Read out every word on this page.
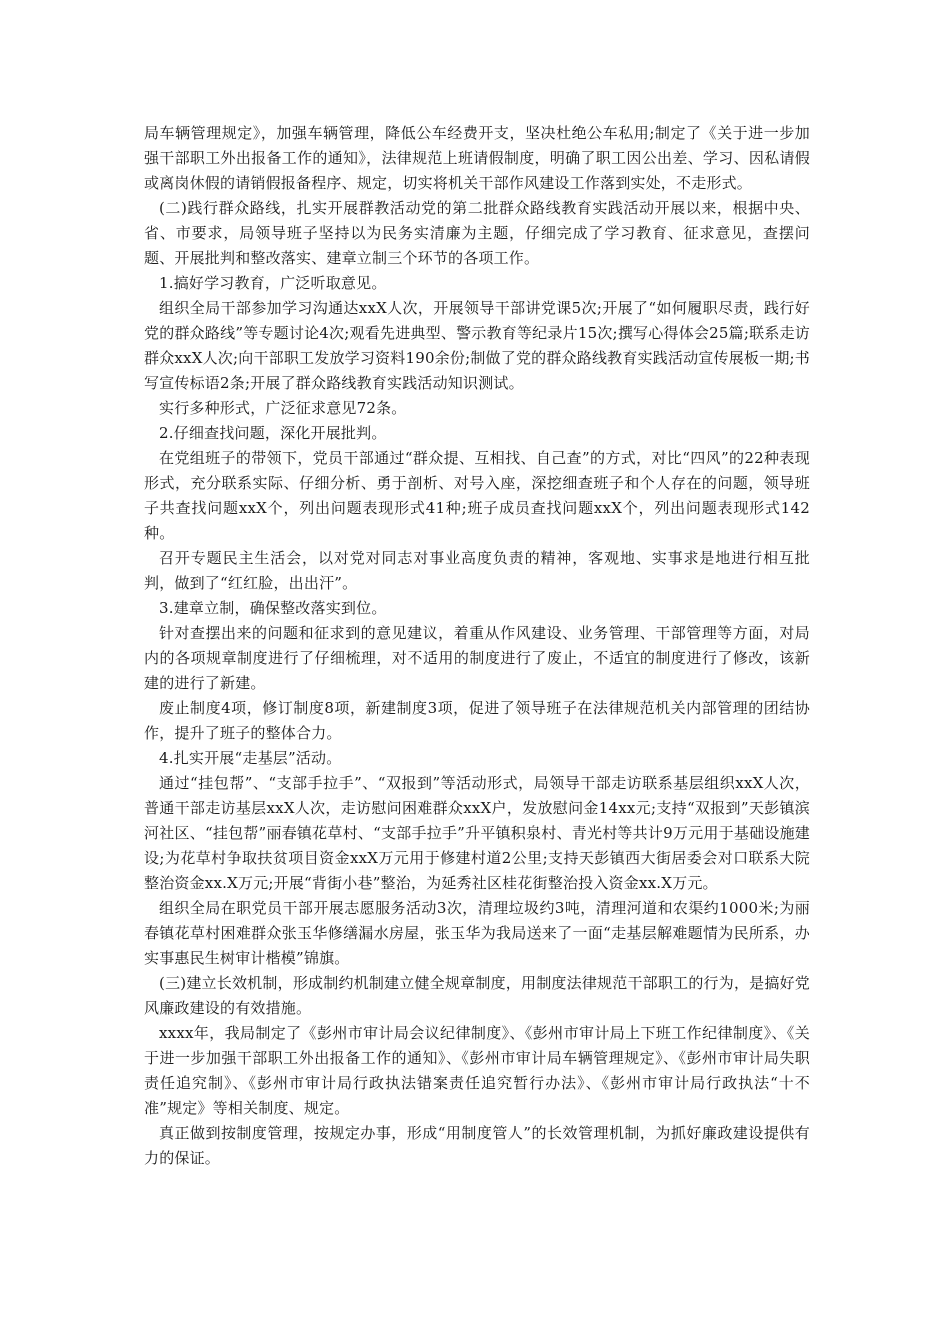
局车辆管理规定》，加强车辆管理，降低公车经费开支，坚决杜绝公车私用;制定了《关于进一步加强干部职工外出报备工作的通知》，法律规范上班请假制度，明确了职工因公出差、学习、因私请假或离岗休假的请销假报备程序、规定，切实将机关干部作风建设工作落到实处，不走形式。

(二)践行群众路线，扎实开展群教活动党的第二批群众路线教育实践活动开展以来，根据中央、省、市要求，局领导班子坚持以为民务实清廉为主题，仔细完成了学习教育、征求意见，查摆问题、开展批判和整改落实、建章立制三个环节的各项工作。

1.搞好学习教育，广泛听取意见。

组织全局干部参加学习沟通达xxX人次，开展领导干部讲党课5次;开展了“如何履职尽责，践行好党的群众路线”等专题讨论4次;观看先进典型、警示教育等纪录片15次;撰写心得体会25篇;联系走访群众xxX人次;向干部职工发放学习资料190余份;制做了党的群众路线教育实践活动宣传展板一期;书写宣传标语2条;开展了群众路线教育实践活动知识测试。

实行多种形式，广泛征求意见72条。

2.仔细查找问题，深化开展批判。

在党组班子的带领下，党员干部通过“群众提、互相找、自己查”的方式，对比“四风”的22种表现形式，充分联系实际、仔细分析、勇于剖析、对号入座，深挖细查班子和个人存在的问题，领导班子共查找问题xxX个，列出问题表现形式41种;班子成员查找问题xxX个，列出问题表现形式142种。

召开专题民主生活会，以对党对同志对事业高度负责的精神，客观地、实事求是地进行相互批判，做到了“红红脸，出出汗”。

3.建章立制，确保整改落实到位。

针对查摆出来的问题和征求到的意见建议，着重从作风建设、业务管理、干部管理等方面，对局内的各项规章制度进行了仔细梳理，对不适用的制度进行了废止，不适宜的制度进行了修改，该新建的进行了新建。

废止制度4项，修订制度8项，新建制度3项，促进了领导班子在法律规范机关内部管理的团结协作，提升了班子的整体合力。

4.扎实开展“走基层”活动。

通过“挂包帮”、“支部手拉手”、“双报到”等活动形式，局领导干部走访联系基层组织xxX人次，普通干部走访基层xxX人次，走访慰问困难群众xxX户，发放慰问金14xx元;支持“双报到”天彭镇滨河社区、“挂包帮”丽春镇花草村、“支部手拉手”升平镇积泉村、青光村等共计9万元用于基础设施建设;为花草村争取扶贫项目资金xxX万元用于修建村道2公里;支持天彭镇西大街居委会对口联系大院整治资金xx.X万元;开展“背街小巷”整治，为延秀社区桂花街整治投入资金xx.X万元。

组织全局在职党员干部开展志愿服务活动3次，清理垃圾约3吨，清理河道和农渠约1000米;为丽春镇花草村困难群众张玉华修缮漏水房屋，张玉华为我局送来了一面“走基层解难题情为民所系，办实事惠民生树审计楷模”锦旗。

(三)建立长效机制，形成制约机制建立健全规章制度，用制度法律规范干部职工的行为，是搞好党风廉政建设的有效措施。

xxxx年，我局制定了《彭州市审计局会议纪律制度》、《彭州市审计局上下班工作纪律制度》、《关于进一步加强干部职工外出报备工作的通知》、《彭州市审计局车辆管理规定》、《彭州市审计局失职责任追究制》、《彭州市审计局行政执法错案责任追究暂行办法》、《彭州市审计局行政执法“十不准”规定》等相关制度、规定。

真正做到按制度管理，按规定办事，形成“用制度管人”的长效管理机制，为抓好廉政建设提供有力的保证。
